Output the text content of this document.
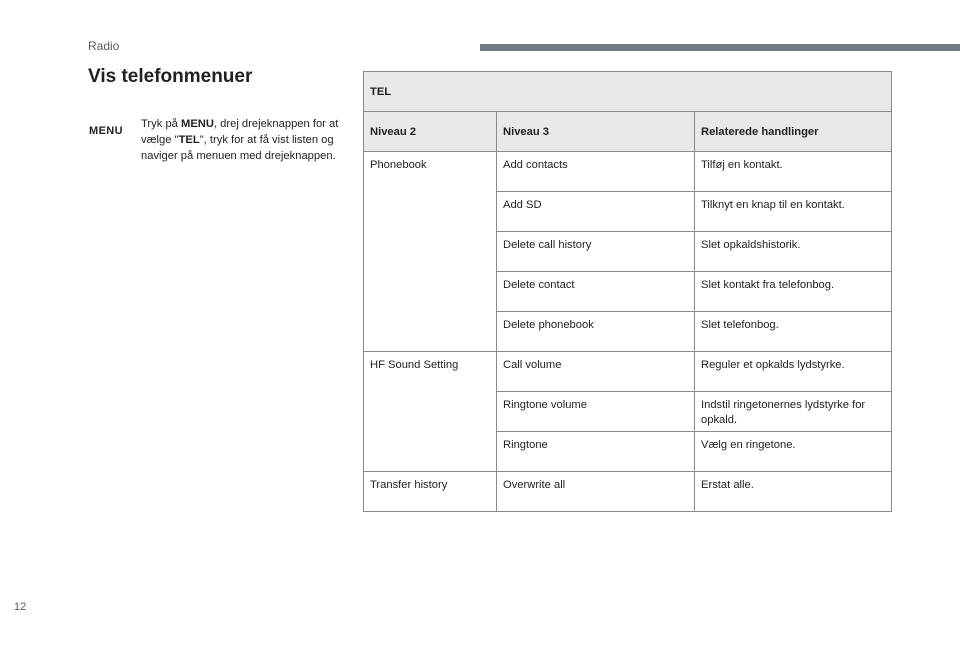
Radio
Vis telefonmenuer
MENU
Tryk på MENU, drej drejeknappen for at vælge "TEL", tryk for at få vist listen og naviger på menuen med drejeknappen.
TEL		
Niveau 2	Niveau 3	Relaterede handlinger
Phonebook	Add contacts	Tilføj en kontakt.
	Add SD	Tilknyt en knap til en kontakt.
	Delete call history	Slet opkaldshistorik.
	Delete contact	Slet kontakt fra telefonbog.
	Delete phonebook	Slet telefonbog.
HF Sound Setting	Call volume	Reguler et opkalds lydstyrke.
	Ringtone volume	Indstil ringetonernes lydstyrke for opkald.
	Ringtone	Vælg en ringetone.
Transfer history	Overwrite all	Erstat alle.
12
